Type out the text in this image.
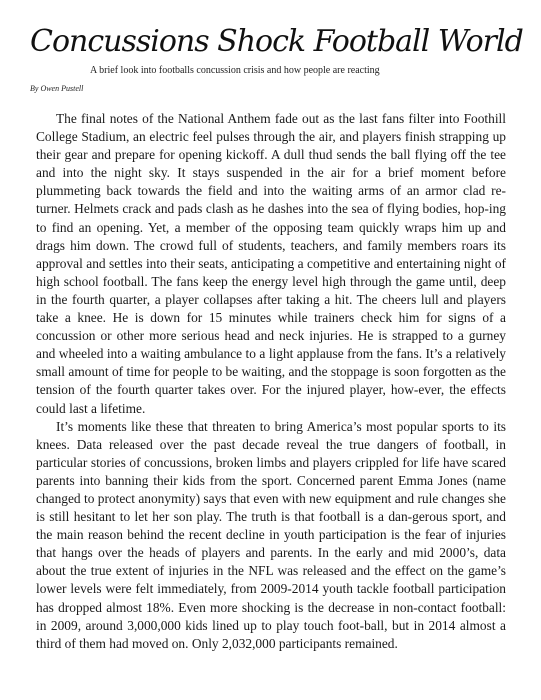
Concussions Shock Football World
A brief look into footballs concussion crisis and how people are reacting
By Owen Pustell

The final notes of the National Anthem fade out as the last fans filter into Foothill College Stadium, an electric feel pulses through the air, and players finish strapping up their gear and prepare for opening kickoff. A dull thud sends the ball flying off the tee and into the night sky. It stays suspended in the air for a brief moment before plummeting back towards the field and into the waiting arms of an armor clad re-turner. Helmets crack and pads clash as he dashes into the sea of flying bodies, hop-ing to find an opening. Yet, a member of the opposing team quickly wraps him up and drags him down. The crowd full of students, teachers, and family members roars its approval and settles into their seats, anticipating a competitive and entertaining night of high school football. The fans keep the energy level high through the game until, deep in the fourth quarter, a player collapses after taking a hit. The cheers lull and players take a knee. He is down for 15 minutes while trainers check him for signs of a concussion or other more serious head and neck injuries. He is strapped to a gurney and wheeled into a waiting ambulance to a light applause from the fans. It’s a relatively small amount of time for people to be waiting, and the stoppage is soon forgotten as the tension of the fourth quarter takes over. For the injured player, how-ever, the effects could last a lifetime.

It’s moments like these that threaten to bring America’s most popular sports to its knees. Data released over the past decade reveal the true dangers of football, in particular stories of concussions, broken limbs and players crippled for life have scared parents into banning their kids from the sport. Concerned parent Emma Jones (name changed to protect anonymity) says that even with new equipment and rule changes she is still hesitant to let her son play. The truth is that football is a dan-gerous sport, and the main reason behind the recent decline in youth participation is the fear of injuries that hangs over the heads of players and parents. In the early and mid 2000’s, data about the true extent of injuries in the NFL was released and the effect on the game’s lower levels were felt immediately, from 2009-2014 youth tackle football participation has dropped almost 18%. Even more shocking is the decrease in non-contact football: in 2009, around 3,000,000 kids lined up to play touch foot-ball, but in 2014 almost a third of them had moved on. Only 2,032,000 participants remained.
